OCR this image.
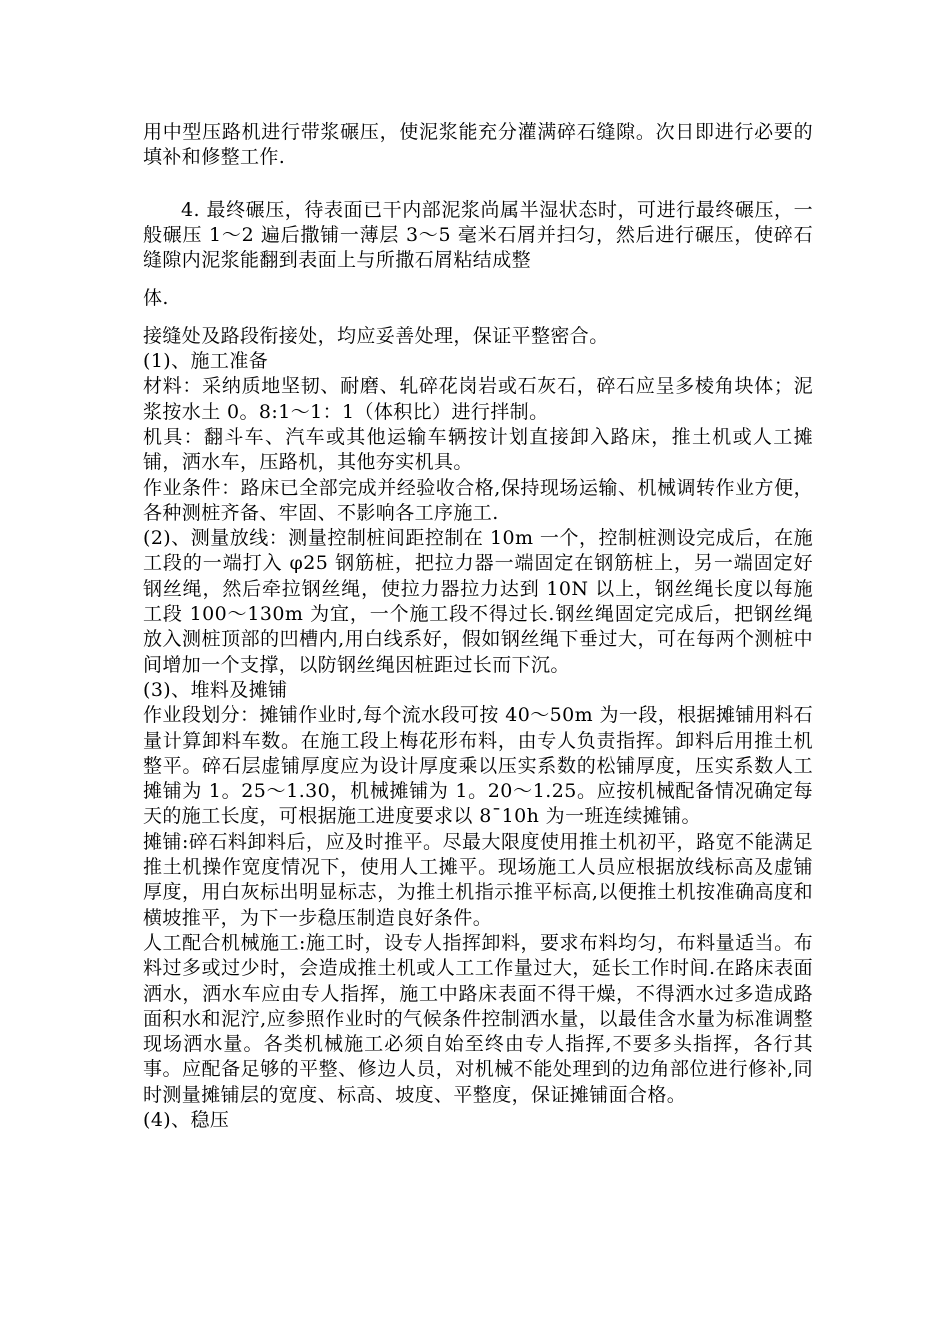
用中型压路机进行带浆碾压，使泥浆能充分灌满碎石缝隙。次日即进行必要的填补和修整工作.

4. 最终碾压，待表面已干内部泥浆尚属半湿状态时，可进行最终碾压，一般碾压 1～2 遍后撒铺一薄层 3～5 毫米石屑并扫匀，然后进行碾压，使碎石缝隙内泥浆能翻到表面上与所撒石屑粘结成整

体.

接缝处及路段衔接处，均应妥善处理，保证平整密合。

(1)、施工准备

材料：采纳质地坚韧、耐磨、轧碎花岗岩或石灰石，碎石应呈多棱角块体；泥浆按水土 0。8:1～1：1（体积比）进行拌制。

机具：翻斗车、汽车或其他运输车辆按计划直接卸入路床，推土机或人工摊铺，洒水车，压路机，其他夯实机具。

作业条件：路床已全部完成并经验收合格,保持现场运输、机械调转作业方便，各种测桩齐备、牢固、不影响各工序施工.

(2)、测量放线：测量控制桩间距控制在 10m 一个，控制桩测设完成后，在施工段的一端打入 φ25 钢筋桩，把拉力器一端固定在钢筋桩上，另一端固定好钢丝绳，然后牵拉钢丝绳，使拉力器拉力达到 10N 以上，钢丝绳长度以每施工段 100～130m 为宜，一个施工段不得过长.钢丝绳固定完成后，把钢丝绳放入测桩顶部的凹槽内,用白线系好，假如钢丝绳下垂过大，可在每两个测桩中间增加一个支撑，以防钢丝绳因桩距过长而下沉。

(3)、堆料及摊铺

作业段划分：摊铺作业时,每个流水段可按 40～50m 为一段，根据摊铺用料石量计算卸料车数。在施工段上梅花形布料，由专人负责指挥。卸料后用推土机整平。碎石层虚铺厚度应为设计厚度乘以压实系数的松铺厚度，压实系数人工摊铺为 1。25～1.30，机械摊铺为 1。20～1.25。应按机械配备情况确定每天的施工长度，可根据施工进度要求以 8¯10h 为一班连续摊铺。

摊铺:碎石料卸料后，应及时推平。尽最大限度使用推土机初平，路宽不能满足推土机操作宽度情况下，使用人工摊平。现场施工人员应根据放线标高及虚铺厚度，用白灰标出明显标志，为推土机指示推平标高,以便推土机按准确高度和横坡推平，为下一步稳压制造良好条件。

人工配合机械施工:施工时，设专人指挥卸料，要求布料均匀，布料量适当。布料过多或过少时，会造成推土机或人工工作量过大，延长工作时间.在路床表面洒水，洒水车应由专人指挥，施工中路床表面不得干燥，不得洒水过多造成路面积水和泥泞,应参照作业时的气候条件控制洒水量，以最佳含水量为标准调整现场洒水量。各类机械施工必须自始至终由专人指挥,不要多头指挥，各行其事。应配备足够的平整、修边人员，对机械不能处理到的边角部位进行修补,同时测量摊铺层的宽度、标高、坡度、平整度，保证摊铺面合格。

(4)、稳压
